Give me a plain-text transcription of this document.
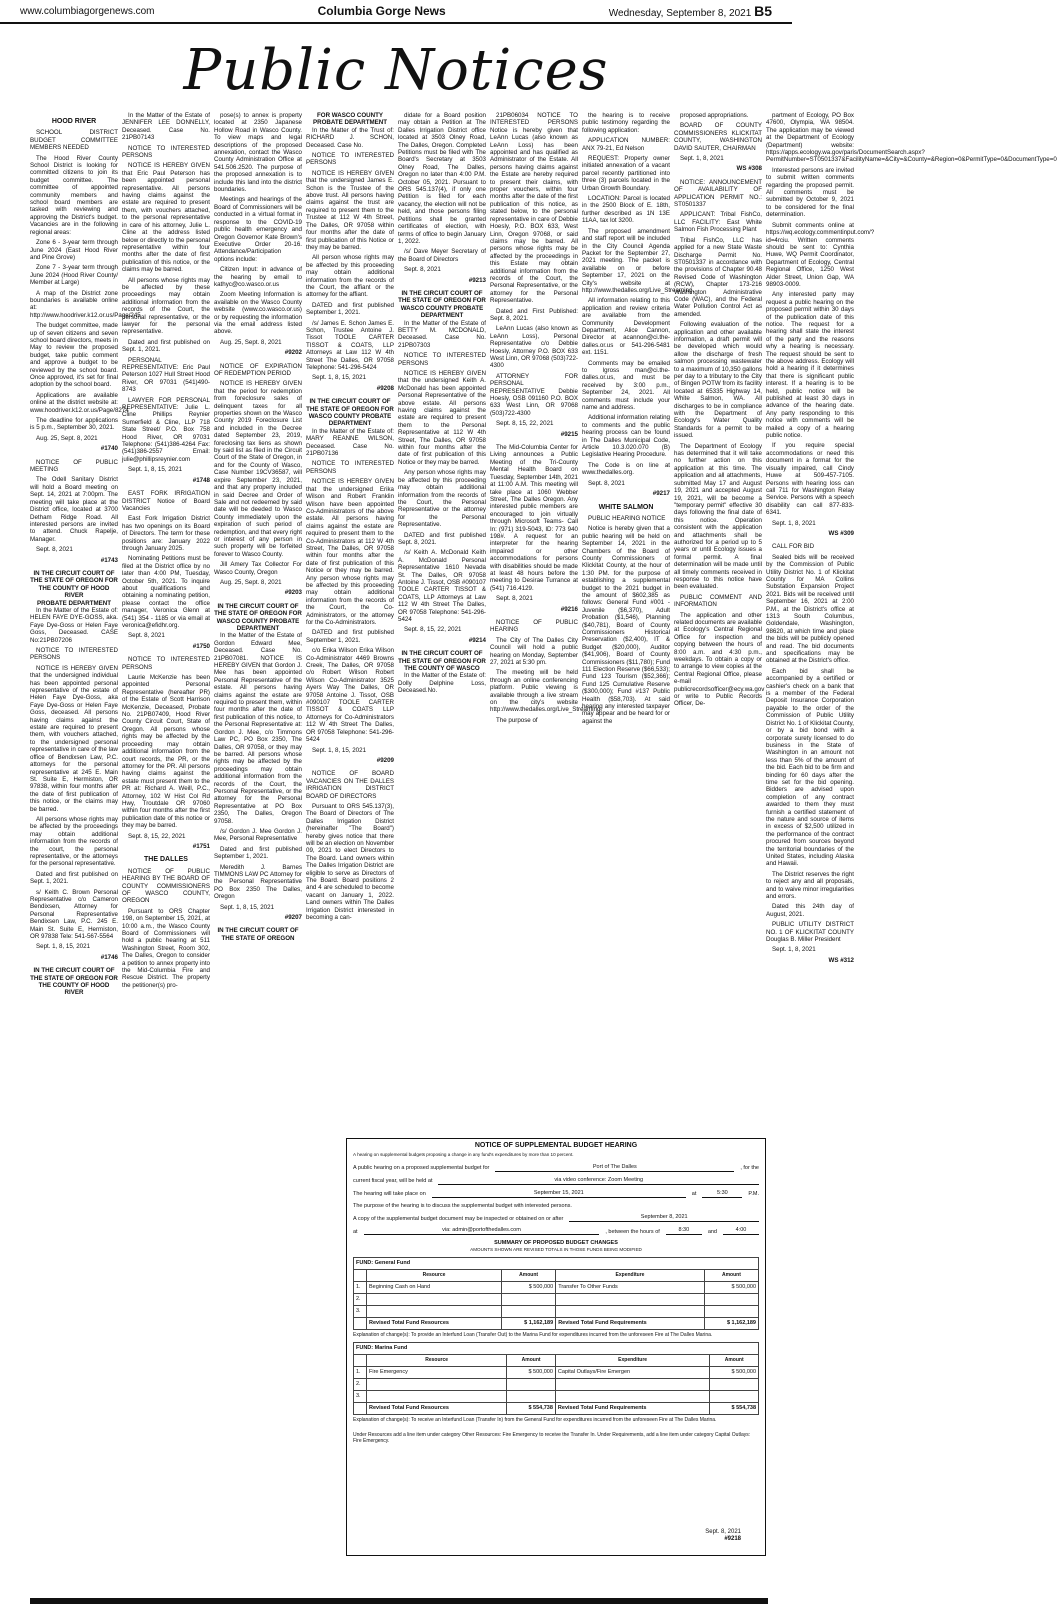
www.columbiagorgenews.com	Columbia Gorge News	Wednesday, September 8, 2021 B5
Public Notices
HOOD RIVER
SCHOOL DISTRICT BUDGET COMMITTEE MEMBERS NEEDED
The Hood River County School District is looking for committed citizens to join its budget committee. The committee of appointed community members and school board members are tasked with reviewing and approving the District's budget. Vacancies are in the following regional areas:
Zone 6 - 3-year term through June 2024 (East Hood River and Pine Grove)
Zone 7 - 3-year term through June 2024 (Hood River County/ Member at Large)
A map of the District zone boundaries is available online at: http://www.hoodriver.k12.or.us/Page/245
The budget committee, made up of seven citizens and seven school board directors, meets in May to review the proposed budget, take public comment and approve a budget to be reviewed by the school board. Once approved, it's set for final adoption by the school board.
Applications are available online at the district website at: www.hoodriver.k12.or.us/Page/8274
The deadline for applications is 5 p.m., September 30, 2021.
Aug. 25, Sept. 8, 2021
#1740
NOTICE OF PUBLIC MEETING
The Odell Sanitary District will hold a Board meeting on Sept. 14, 2021 at 7:00pm. The meeting will take place at the District office, located at 3700 Detham Ridge Road. All interested persons are invited to attend. Chuck Rapelje, Manager.
Sept. 8, 2021
#1743
IN THE CIRCUIT COURT OF THE STATE OF OREGON FOR THE COUNTY OF HOOD RIVER
PROBATE DEPARTMENT
In the Matter of the Estate of: HELEN FAYE DYE-GOSS, aka. Faye Dye-Goss or Helen Faye Goss, Deceased. CASE No:21PB07206
NOTICE TO INTERESTED PERSONS
NOTICE IS HEREBY GIVEN that the undersigned individual has been appointed personal representative of the estate of Helen Faye Dye-Goss, aka Faye Dye-Goss or Helen Faye Goss, deceased. All persons having claims against the estate are required to present them, with vouchers attached, to the undersigned personal representative in care of the law office of Bendixsen Law, P.C. attorneys for the personal representative at 245 E. Main St. Suite E, Hermiston, OR 97838, within four months after the date of first publication of this notice, or the claims may be barred.
All persons whose rights may be affected by the proceedings may obtain additional information from the records of the court, the personal representative, or the attorneys for the personal representative.
Dated and first published on Sept. 1, 2021.
s/ Keith C. Brown Personal Representative c/o Cameron Bendixsen, Attorney for Personal Representative Bendixsen Law, P.C. 245 E. Main St. Suite E, Hermiston, OR 97838 Tele: 541-567-5564
Sept. 1, 8, 15, 2021
#1746
IN THE CIRCUIT COURT OF THE STATE OF OREGON FOR THE COUNTY OF HOOD RIVER
In the Matter of the Estate of JENNIFER LEE DONNELLY, Deceased. Case No. 21PB07143
NOTICE TO INTERESTED PERSONS
NOTICE IS HEREBY GIVEN that Eric Paul Peterson has been appointed personal representative. All persons having claims against the estate are required to present them, with vouchers attached, to the personal representative in care of his attorney, Julie L. Cline at the address listed below or directly to the personal representative within four months after the date of first publication of this notice, or the claims may be barred.
All persons whose rights may be affected by these proceedings may obtain additional information from the records of the Court, the personal representative, or the lawyer for the personal representative.
Dated and first published on Sept. 1, 2021.
PERSONAL REPRESENTATIVE: Eric Paul Peterson 1027 Hull Street Hood River, OR 97031 (541)490-8743
LAWYER FOR PERSONAL REPRESENTATIVE: Julie L. Cline Phillips Reynier Sumerfield & Cline, LLP 718 State Street/ P.O. Box 758 Hood River, OR 97031 Telephone: (541)386-4264 Fax: (541)386-2557 Email: julie@phillipsreynier.com
Sept. 1, 8, 15, 2021
#1748
EAST FORK IRRIGATION DISTRICT Notice of Board Vacancies
East Fork Irrigation District has two openings on its Board of Directors. The term for these positions are: January 2022 through January 2025.
Nominating Petitions must be filed at the District office by no later than 4:00 PM, Tuesday, October 5th, 2021. To inquire about qualifications and obtaining a nominating petition, please contact the office manager, Veronica Glenn at (541) 354 - 1185 or via email at veronica@efidhr.org.
Sept. 8, 2021
#1750
NOTICE TO INTERESTED PERSONS
Laurie McKenzie has been appointed Personal Representative (hereafter PR) of the Estate of Scott Harrison McKenzie, Deceased, Probate No. 21PB07409, Hood River County Circuit Court, State of Oregon. All persons whose rights may be affected by the proceeding may obtain additional information from the court records, the PR, or the attorney for the PR. All persons having claims against the estate must present them to the PR at: Richard A. Weill, P.C., Attorney, 102 W Hist Col Rd Hwy, Troutdale OR 97060 within four months after the first publication date of this notice or they may be barred.
Sept. 8, 15, 22, 2021
#1751
THE DALLES
NOTICE OF PUBLIC HEARING BY THE BOARD OF COUNTY COMMISSIONERS OF WASCO COUNTY, OREGON
Pursuant to ORS Chapter 198, on September 15, 2021, at 10:00 a.m., the Wasco County Board of Commissioners will hold a public hearing at 511 Washington Street, Room 302, The Dalles, Oregon to consider a petition to annex property into the Mid-Columbia Fire and Rescue District. The property the petitioner(s) pro-
pose(s) to annex is property located at 2350 Japanese Hollow Road in Wasco County. To view maps and legal descriptions of the proposed annexation, contact the Wasco County Administration Office at 541.506.2520. The purpose of the proposed annexation is to include this land into the district boundaries.
Meetings and hearings of the Board of Commissioners will be conducted in a virtual format in response to the COVID-19 public health emergency and Oregon Governor Kate Brown's Executive Order 20-16. Attendance/Participation options include:
Citizen Input: in advance of the hearing by email to kathyc@co.wasco.or.us
Zoom Meeting Information is available on the Wasco County website (www.co.wasco.or.us) or by requesting the information via the email address listed above.
Aug. 25, Sept. 8, 2021
#9202
NOTICE OF EXPIRATION OF REDEMPTION PERIOD
NOTICE IS HEREBY GIVEN that the period for redemption from foreclosure sales of delinquent taxes for all properties shown on the Wasco County 2019 Foreclosure List and included in the Decree dated September 23, 2019, foreclosing tax liens as shown by said list as filed in the Circuit Court of the State of Oregon, in and for the County of Wasco, Case Number 19CV36587, will expire September 23, 2021, and that any property included in said Decree and Order of Sale and not redeemed by said date will be deeded to Wasco County immediately upon the expiration of such period of redemption, and that every right or interest of any person in such property will be forfeited forever to Wasco County.
Jill Amery Tax Collector For Wasco County, Oregon
Aug. 25, Sept. 8, 2021
#9203
IN THE CIRCUIT COURT OF THE STATE OF OREGON FOR WASCO COUNTY PROBATE DEPARTMENT
In the Matter of the Estate of Gordon Edward Mee, Deceased. Case No. 21PB07081. NOTICE IS HEREBY GIVEN that Gordon J. Mee has been appointed Personal Representative of the estate. All persons having claims against the estate are required to present them, within four months after the date of first publication of this notice, to the Personal Representative at: Gordon J. Mee, c/o Timmons Law PC, PO Box 2350, The Dalles, OR 97058, or they may be barred. All persons whose rights may be affected by the proceedings may obtain additional information from the records of the Court, the Personal Representative, or the attorney for the Personal Representative at PO Box 2350, The Dalles, Oregon 97058.
/s/ Gordon J. Mee Gordon J. Mee, Personal Representative
Dated and first published September 1, 2021.
Meredith J. Barnes TIMMONS LAW PC Attorney for the Personal Representative PO Box 2350 The Dalles, Oregon
Sept. 1, 8, 15, 2021
#9207
IN THE CIRCUIT COURT OF THE STATE OF OREGON
FOR WASCO COUNTY PROBATE DEPARTMENT
In the Matter of the Trust of: RICHARD J. SCHON, Deceased. Case No.
NOTICE TO INTERESTED PERSONS
NOTICE IS HEREBY GIVEN that the undersigned James E. Schon is the Trustee of the above trust. All persons having claims against the trust are required to present them to the Trustee at 112 W 4th Street, The Dalles, OR 97058 within four months after the date of first publication of this Notice or they may be barred.
All person whose rights may be affected by this proceeding may obtain additional information from the records of the Court, the affiant or the attorney for the affiant.
DATED and first published September 1, 2021.
/s/ James E. Schon James E. Schon, Trustee Antoine J. Tissot TOOLE CARTER TISSOT & COATS, LLP Attorneys at Law 112 W 4th Street The Dalles, OR 97058 Telephone: 541-296-5424
Sept. 1, 8, 15, 2021
#9208
IN THE CIRCUIT COURT OF THE STATE OF OREGON FOR WASCO COUNTY PROBATE DEPARTMENT
In the Matter of the Estate of: MARY REANNE WILSON, Deceased. Case No. 21PB07136
NOTICE TO INTERESTED PERSONS
NOTICE IS HEREBY GIVEN that the undersigned Erika Wilson and Robert Franklin Wilson have been appointed Co-Administrators of the above estate. All persons having claims against the estate are required to present them to the Co-Administrators at 112 W 4th Street, The Dalles, OR 97058 within four months after the date of first publication of this Notice or they may be barred. Any person whose rights may be affected by this proceeding may obtain additional information from the records of the Court, the Co-Administrators, or the attorney for the Co-Administrators.
DATED and first published September 1, 2021.
c/o Erika Wilson Erika Wilson Co-Administrator 4469 Browns Creek, The Dalles, OR 97058 c/o Robert Wilson Robert Wilson Co-Administrator 3525 Ayers Way The Dalles, OR 97058 Antoine J. Tissot, OSB #090107 TOOLE CARTER TISSOT & COATS LLP Attorneys for Co-Administrators 112 W 4th Street The Dalles, OR 97058 Telephone: 541-296-5424
Sept. 1, 8, 15, 2021
#9209
NOTICE OF BOARD VACANCIES ON THE DALLES IRRIGATION DISTRICT BOARD OF DIRECTORS
Pursuant to ORS 545.137(3), The Board of Directors of The Dalles Irrigation District (hereinafter "The Board") hereby gives notice that there will be an election on November 09, 2021 to elect Directors to The Board. Land owners within The Dalles Irrigation District are eligible to serve as Directors of The Board. Board positions 2 and 4 are scheduled to become vacant on January 1, 2022. Land owners within The Dalles Irrigation District interested in becoming a can-
didate for a Board position may obtain a Petition at The Dalles Irrigation District office located at 3503 Olney Road, The Dalles, Oregon. Completed Petitions must be filed with The Board's Secretary at 3503 Olney Road, The Dalles, Oregon no later than 4:00 P.M. October 05, 2021. Pursuant to ORS 545.137(4), if only one Petition is filed for each vacancy, the election will not be held, and those persons filing Petitions shall be granted certificates of election, with terms of office to begin January 1, 2022.
/s/ Dave Meyer Secretary of the Board of Directors
Sept. 8, 2021
#9213
IN THE CIRCUIT COURT OF THE STATE OF OREGON FOR WASCO COUNTY PROBATE DEPARTMENT
In the Matter of the Estate of BETTY M. MCDONALD, Deceased. Case No. 21PB07303
NOTICE TO INTERESTED PERSONS
NOTICE IS HEREBY GIVEN that the undersigned Keith A. McDonald has been appointed Personal Representative of the above estate. All persons having claims against the estate are required to present them to the Personal Representative at 112 W 4th Street, The Dalles, OR 97058 within four months after the date of first publication of this Notice or they may be barred.
Any person whose rights may be affected by this proceeding may obtain additional information from the records of the Court, the Personal Representative or the attorney for the Personal Representative.
DATED and first published Sept. 8, 2021.
/s/ Keith A. McDonald Keith A. McDonald Personal Representative 1610 Nevada St. The Dalles, OR 97058 Antoine J. Tissot, OSB #090107 TOOLE CARTER TISSOT & COATS, LLP Attorneys at Law 112 W 4th Street The Dalles, OR 97058 Telephone: 541-296-5424
Sept. 8, 15, 22, 2021
#9214
IN THE CIRCUIT COURT OF THE STATE OF OREGON FOR THE COUNTY OF WASCO
In the Matter of the Estate of: Dolly Delphine Loss, Deceased.No.
21PB06034 NOTICE TO INTERESTED PERSONS Notice is hereby given that LeAnn Lucas (also known as LeAnn Loss) has been appointed and has qualified as Administrator of the Estate. All persons having claims against the Estate are hereby required to present their claims, with proper vouchers, within four months after the date of the first publication of this notice, as stated below, to the personal representative in care of Debbie Hoesly, P.O. BOX 633, West Linn, Oregon 97068, or said claims may be barred. All persons whose rights may be affected by the proceedings in this Estate may obtain additional information from the records of the Court, the Personal Representative, or the attorney for the Personal Representative.
Dated and First Published: Sept. 8, 2021.
LeAnn Lucas (also known as LeAnn Loss), Personal Representative c/o Debbie Hoesly, Attorney P.O. BOX 633 West Linn, OR 97068 (503)722-4300
ATTORNEY FOR PERSONAL REPRESENTATIVE Debbie Hoesly, OSB 091160 P.O. BOX 633 West Linn, OR 97068 (503)722-4300
Sept. 8, 15, 22, 2021
#9215
The Mid-Columbia Center for Living announces a Public Meeting of the Tri-County Mental Health Board on Tuesday, September 14th, 2021 at 11:00 A.M. This meeting will take place at 1060 Webber Street, The Dalles Oregon. Any interested public members are encouraged to join virtually through Microsoft Teams- Call In: (971) 319-5043, ID: 773 940 198#. A request for an interpreter for the hearing impaired or other accommodations for persons with disabilities should be made at least 48 hours before the meeting to Desirae Turrance at (541) 716.4129.
Sept. 8, 2021
#9216
NOTICE OF PUBLIC HEARING
The City of The Dalles City Council will hold a public hearing on Monday, September 27, 2021 at 5:30 pm.
The meeting will be held through an online conferencing platform. Public viewing is available through a live stream on the city's website http://www.thedalles.org/Live_Streaming.
The purpose of
the hearing is to receive public testimony regarding the following application:
APPLICATION NUMBER: ANX 79-21, Ed Nelson
REQUEST: Property owner initiated annexation of a vacant parcel recently partitioned into three (3) parcels located in the Urban Growth Boundary.
LOCATION: Parcel is located in the 2500 Block of E. 18th, further described as 1N 13E 11AA, tax lot 3200.
The proposed amendment and staff report will be included in the City Council Agenda Packet for the September 27, 2021 meeting. The packet is available on or before September 17, 2021 on the City's website at http://www.thedalles.org/Live_Streaming.
All information relating to this application and review criteria are available from the Community Development Department, Alice Cannon, Director at acannon@ci.the-dalles.or.us or 541-296-5481 ext. 1151.
Comments may be emailed to lgross man@ci.the-dalles.or.us, and must be received by 3:00 p.m., September 24, 2021. All comments must include your name and address.
Additional information relating to comments and the public hearing process can be found in The Dalles Municipal Code, Article 10.3.020.070 (B) Legislative Hearing Procedure.
The Code is on line at www.thedalles.org.
Sept. 8, 2021
#9217
WHITE SALMON
PUBLIC HEARING NOTICE
Notice is hereby given that a public hearing will be held on September 14, 2021 in the Chambers of the Board of County Commissioners of Klickitat County, at the hour of 1:30 PM. for the purpose of establishing a supplemental budget to the 2021 budget in the amount of $602,385 as follows: General Fund #001 - Juvenile ($6,370), Adult Probation ($1,546), Planning ($40,781), Board of County Commissioners Historical Preservation ($2,400), IT & Budget ($20,000), Auditor ($41,906), Board of County Commissioners ($11,780); Fund 111 Election Reserve ($66,533); Fund 123 Tourism ($52,366); Fund 125 Cumulative Reserve ($300,000); Fund #137 Public Health ($58,703). At said hearing any interested taxpayer may appear and be heard for or against the
proposed appropriations.
BOARD OF COUNTY COMMISSIONERS KLICKITAT COUNTY, WASHINGTON DAVID SAUTER, CHAIRMAN
Sept. 1, 8, 2021
WS #308
NOTICE: ANNOUNCEMENT OF AVAILABILITY OF APPLICATION PERMIT NO.: ST0501337
APPLICANT: Tribal FishCo, LLC FACILITY: East White Salmon Fish Processing Plant
Tribal FishCo, LLC has applied for a new State Waste Discharge Permit No. ST0501337 in accordance with the provisions of Chapter 90.48 Revised Code of Washington (RCW), Chapter 173-216 Washington Administrative Code (WAC), and the Federal Water Pollution Control Act as amended.
Following evaluation of the application and other available information, a draft permit will be developed which would allow the discharge of fresh salmon processing wastewater to a maximum of 10,350 gallons per day to a tributary to the City of Bingen POTW from its facility located at 65335 Highway 14, White Salmon, WA. All discharges to be in compliance with the Department of Ecology's Water Quality Standards for a permit to be issued.
The Department of Ecology has determined that it will take no further action on this application at this time. The application and all attachments, submitted May 17 and August 19, 2021 and accepted August 19, 2021, will be become a "temporary permit" effective 30 days following the final date of this notice. Operation consistent with the application and attachments shall be authorized for a period up to 5 years or until Ecology issues a formal permit. A final determination will be made until all timely comments received in response to this notice have been evaluated.
PUBLIC COMMENT AND INFORMATION
The application and other related documents are available at Ecology's Central Regional Office for inspection and copying between the hours of 8:00 a.m. and 4:30 p.m., weekdays. To obtain a copy or to arrange to view copies at the Central Regional Office, please e-mail publicrecordsofficer@ecy.wa.gov or write to Public Records Officer, De-
partment of Ecology, PO Box 47600, Olympia, WA 98504. The application may be viewed at the Department of Ecology (Department) website: https://apps.ecology.wa.gov/paris/DocumentSearch.aspx?PermitNumber=ST0501337&FacilityName=&City=&County=&Region=0&PermitType=0&DocumentType=0
Interested persons are invited to submit written comments regarding the proposed permit. All comments must be submitted by October 9, 2021 to be considered for the final determination.
Submit comments online at https://wq.ecology.commentinput.com/?id=4rciu. Written comments should be sent to: Cynthia Huwe, WQ Permit Coordinator, Department of Ecology, Central Regional Office, 1250 West Alder Street, Union Gap, WA 98903-0009.
Any interested party may request a public hearing on the proposed permit within 30 days of the publication date of this notice. The request for a hearing shall state the interest of the party and the reasons why a hearing is necessary. The request should be sent to the above address. Ecology will hold a hearing if it determines that there is significant public interest. If a hearing is to be held, public notice will be published at least 30 days in advance of the hearing date. Any party responding to this notice with comments will be mailed a copy of a hearing public notice.
If you require special accommodations or need this document in a format for the visually impaired, call Cindy Huwe at 509-457-7105. Persons with hearing loss can call 711 for Washington Relay Service. Persons with a speech disability can call 877-833-6341.
Sept. 1, 8, 2021
WS #309
CALL FOR BID
Sealed bids will be received by the Commission of Public Utility District No. 1 of Klickitat County for MA Collins Substation Expansion Project 2021. Bids will be received until September 16, 2021 at 2:00 P.M., at the District's office at 1313 South Columbus, Goldendale, Washington, 98620, at which time and place the bids will be publicly opened and read. The bid documents and specifications may be obtained at the District's office.
Each bid shall be accompanied by a certified or cashier's check on a bank that is a member of the Federal Deposit Insurance Corporation payable to the order of the Commission of Public Utility District No. 1 of Klickitat County, or by a bid bond with a corporate surety licensed to do business in the State of Washington in an amount not less than 5% of the amount of the bid. Each bid to be firm and binding for 60 days after the time set for the bid opening. Bidders are advised upon completion of any contract awarded to them they must furnish a certified statement of the nature and source of items in excess of $2,500 utilized in the performance of the contract procured from sources beyond the territorial boundaries of the United States, including Alaska and Hawaii.
The District reserves the right to reject any and all proposals, and to waive minor irregularities and errors.
Dated this 24th day of August, 2021.
PUBLIC UTILITY DISTRICT NO. 1 OF KLICKITAT COUNTY Douglas B. Miller President
Sept. 1, 8, 2021
WS #312
NOTICE OF SUPPLEMENTAL BUDGET HEARING
A hearing on supplemental budgets proposing a change in any fund's expenditures by more than 10 percent.
A public hearing on a proposed supplemental budget for	Port of The Dalles	, for the
current fiscal year, will be held at	via video conference: Zoom Meeting
The hearing will take place on	September 15, 2021	at	5:30	P.M.
The purpose of the hearing is to discuss the supplemental budget with interested persons.
A copy of the supplemental budget document may be inspected or obtained on or after	September 8, 2021
at	via: admin@portofthedalles.com	, between the hours of	8:30	and	4:00
SUMMARY OF PROPOSED BUDGET CHANGES
AMOUNTS SHOWN ARE REVISED TOTALS IN THOSE FUNDS BEING MODIFIED
FUND: General Fund				
	Resource	Amount	Expenditure	Amount
1.	Beginning Cash on Hand	$ 500,000	Transfer To Other Funds	$ 500,000
2.				
3.				
	Revised Total Fund Resources	$ 1,162,189	Revised Total Fund Requirements	$ 1,162,189
Explanation of change(s): To provide an Interfund Loan (Transfer Out) to the Marina Fund for expenditures incurred from the unforeseen Fire at The Dalles Marina.
FUND: Marina Fund				
	Resource	Amount	Expenditure	Amount
1.	Fire Emergency	$ 500,000	Capital Outlays/Fire Emergen	$ 500,000
2.				
3.				
	Revised Total Fund Resources	$ 554,738	Revised Total Fund Requirements	$ 554,738
Explanation of change(s): To receive an Interfund Loan (Transfer In) from the General Fund for expenditures incurred from the unforeseen Fire at The Dalles Marina.
Under Resources add a line item under category Other Resources: Fire Emergency to receive the Transfer In. Under Requirements, add a line item under category Capital Outlays: Fire Emergency.
Sept. 8, 2021
#9218
